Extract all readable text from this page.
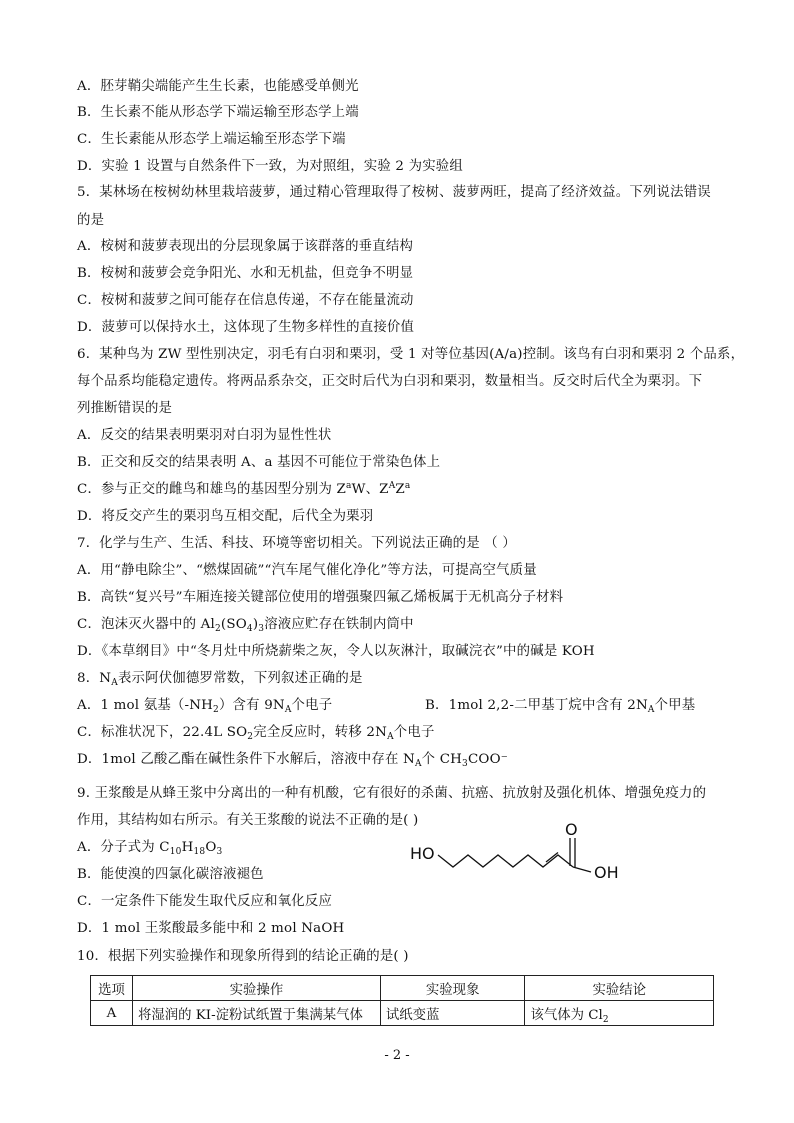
A．胚芽鞘尖端能产生生长素，也能感受单侧光
B．生长素不能从形态学下端运输至形态学上端
C．生长素能从形态学上端运输至形态学下端
D．实验 1 设置与自然条件下一致，为对照组，实验 2 为实验组
5．某林场在桉树幼林里栽培菠萝，通过精心管理取得了桉树、菠萝两旺，提高了经济效益。下列说法错误
的是
A．桉树和菠萝表现出的分层现象属于该群落的垂直结构
B．桉树和菠萝会竞争阳光、水和无机盐，但竞争不明显
C．桉树和菠萝之间可能存在信息传递，不存在能量流动
D．菠萝可以保持水土，这体现了生物多样性的直接价值
6．某种鸟为 ZW 型性别决定，羽毛有白羽和栗羽，受 1 对等位基因(A/a)控制。该鸟有白羽和栗羽 2 个品系，
每个品系均能稳定遗传。将两品系杂交，正交时后代为白羽和栗羽，数量相当。反交时后代全为栗羽。下
列推断错误的是
A．反交的结果表明栗羽对白羽为显性性状
B．正交和反交的结果表明 A、a 基因不可能位于常染色体上
C．参与正交的雌鸟和雄鸟的基因型分别为 $Z^aW$、$Z^AZ^a$
D．将反交产生的栗羽鸟互相交配，后代全为栗羽
7．化学与生产、生活、科技、环境等密切相关。下列说法正确的是 （ ）
A．用“静电除尘”、“燃煤固硫”“汽车尾气催化净化”等方法，可提高空气质量
B．高铁“复兴号”车厢连接关键部位使用的增强聚四氟乙烯板属于无机高分子材料
C．泡沫灭火器中的 $Al_2(SO_4)_3$溶液应贮存在铁制内筒中
D．《本草纲目》中“冬月灶中所烧薪柴之灰，令人以灰淋汁，取碱浣衣”中的碱是 KOH
8．$N_A$表示阿伏伽德罗常数，下列叙述正确的是
A．1 mol 氨基$(-NH_2)$含有 $9N_A$个电子	B．1mol 2,2-二甲基丁烷中含有 $2N_A$个甲基
C．标准状况下，22.4L $SO_2$完全反应时，转移 $2N_A$个电子
D．1mol 乙酸乙酯在碱性条件下水解后，溶液中存在 $N_A$个 $CH_3COO^-$
9. 王浆酸是从蜂王浆中分离出的一种有机酸，它有很好的杀菌、抗癌、抗放射及强化机体、增强免疫力的
作用，其结构如右所示。有关王浆酸的说法不正确的是( )
A．分子式为 $C_{10}H_{18}O_3$
B．能使溴的四氯化碳溶液褪色
C．一定条件下能发生取代反应和氧化反应
D．1 mol 王浆酸最多能中和 2 mol NaOH
HO
O
OH
10．根据下列实验操作和现象所得到的结论正确的是( )
选项	实验操作	实验现象	实验结论
A	将湿润的 KI-淀粉试纸置于集满某气体	试纸变蓝	该气体为 $Cl_2$
- 2 -
